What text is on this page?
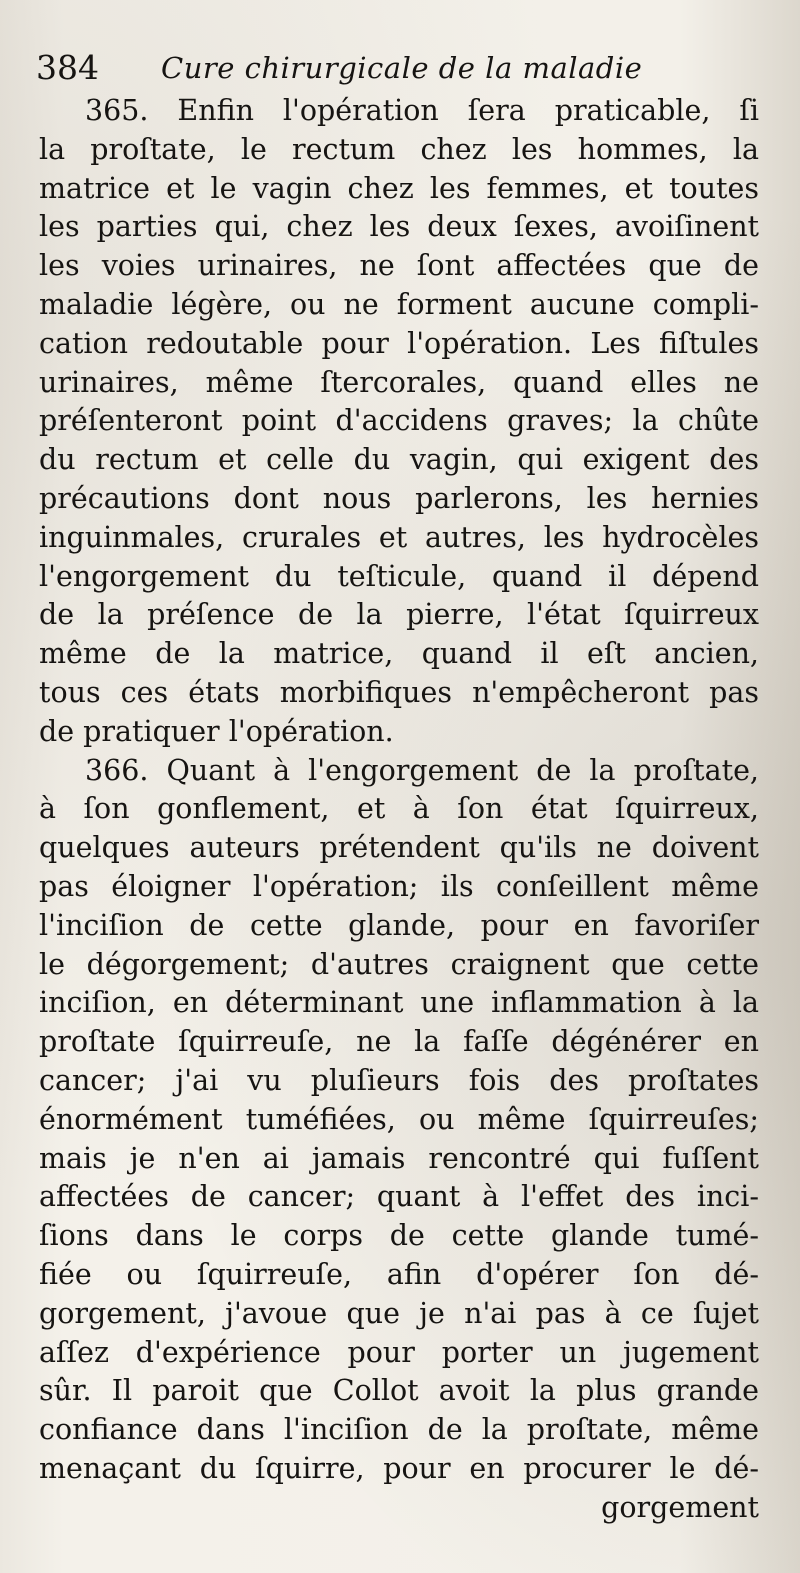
384 Cure chirurgicale de la maladie
365. Enfin l'opération ſera praticable, ſi
la proſtate, le rectum chez les hommes, la
matrice et le vagin chez les femmes, et toutes
les parties qui, chez les deux ſexes, avoiſinent
les voies urinaires, ne ſont affectées que de
maladie légère, ou ne forment aucune compli-
cation redoutable pour l'opération. Les fiſtules
urinaires, même ſtercorales, quand elles ne
préſenteront point d'accidens graves; la chûte
du rectum et celle du vagin, qui exigent des
précautions dont nous parlerons, les hernies
inguinmales, crurales et autres, les hydrocèles
l'engorgement du teſticule, quand il dépend
de la préſence de la pierre, l'état ſquirreux
même de la matrice, quand il eſt ancien,
tous ces états morbifiques n'empêcheront pas
de pratiquer l'opération.
366. Quant à l'engorgement de la proſtate,
à ſon gonflement, et à ſon état ſquirreux,
quelques auteurs prétendent qu'ils ne doivent
pas éloigner l'opération; ils conſeillent même
l'inciſion de cette glande, pour en favoriſer
le dégorgement; d'autres craignent que cette
inciſion, en déterminant une inflammation à la
proſtate ſquirreuſe, ne la faſſe dégénérer en
cancer; j'ai vu pluſieurs fois des proſtates
énormément tuméfiées, ou même ſquirreuſes;
mais je n'en ai jamais rencontré qui fuſſent
affectées de cancer; quant à l'effet des inci-
ſions dans le corps de cette glande tumé-
fiée ou ſquirreuſe, afin d'opérer ſon dé-
gorgement, j'avoue que je n'ai pas à ce ſujet
aſſez d'expérience pour porter un jugement
sûr. Il paroit que Collot avoit la plus grande
confiance dans l'inciſion de la proſtate, même
menaçant du ſquirre, pour en procurer le dé-
gorgement
